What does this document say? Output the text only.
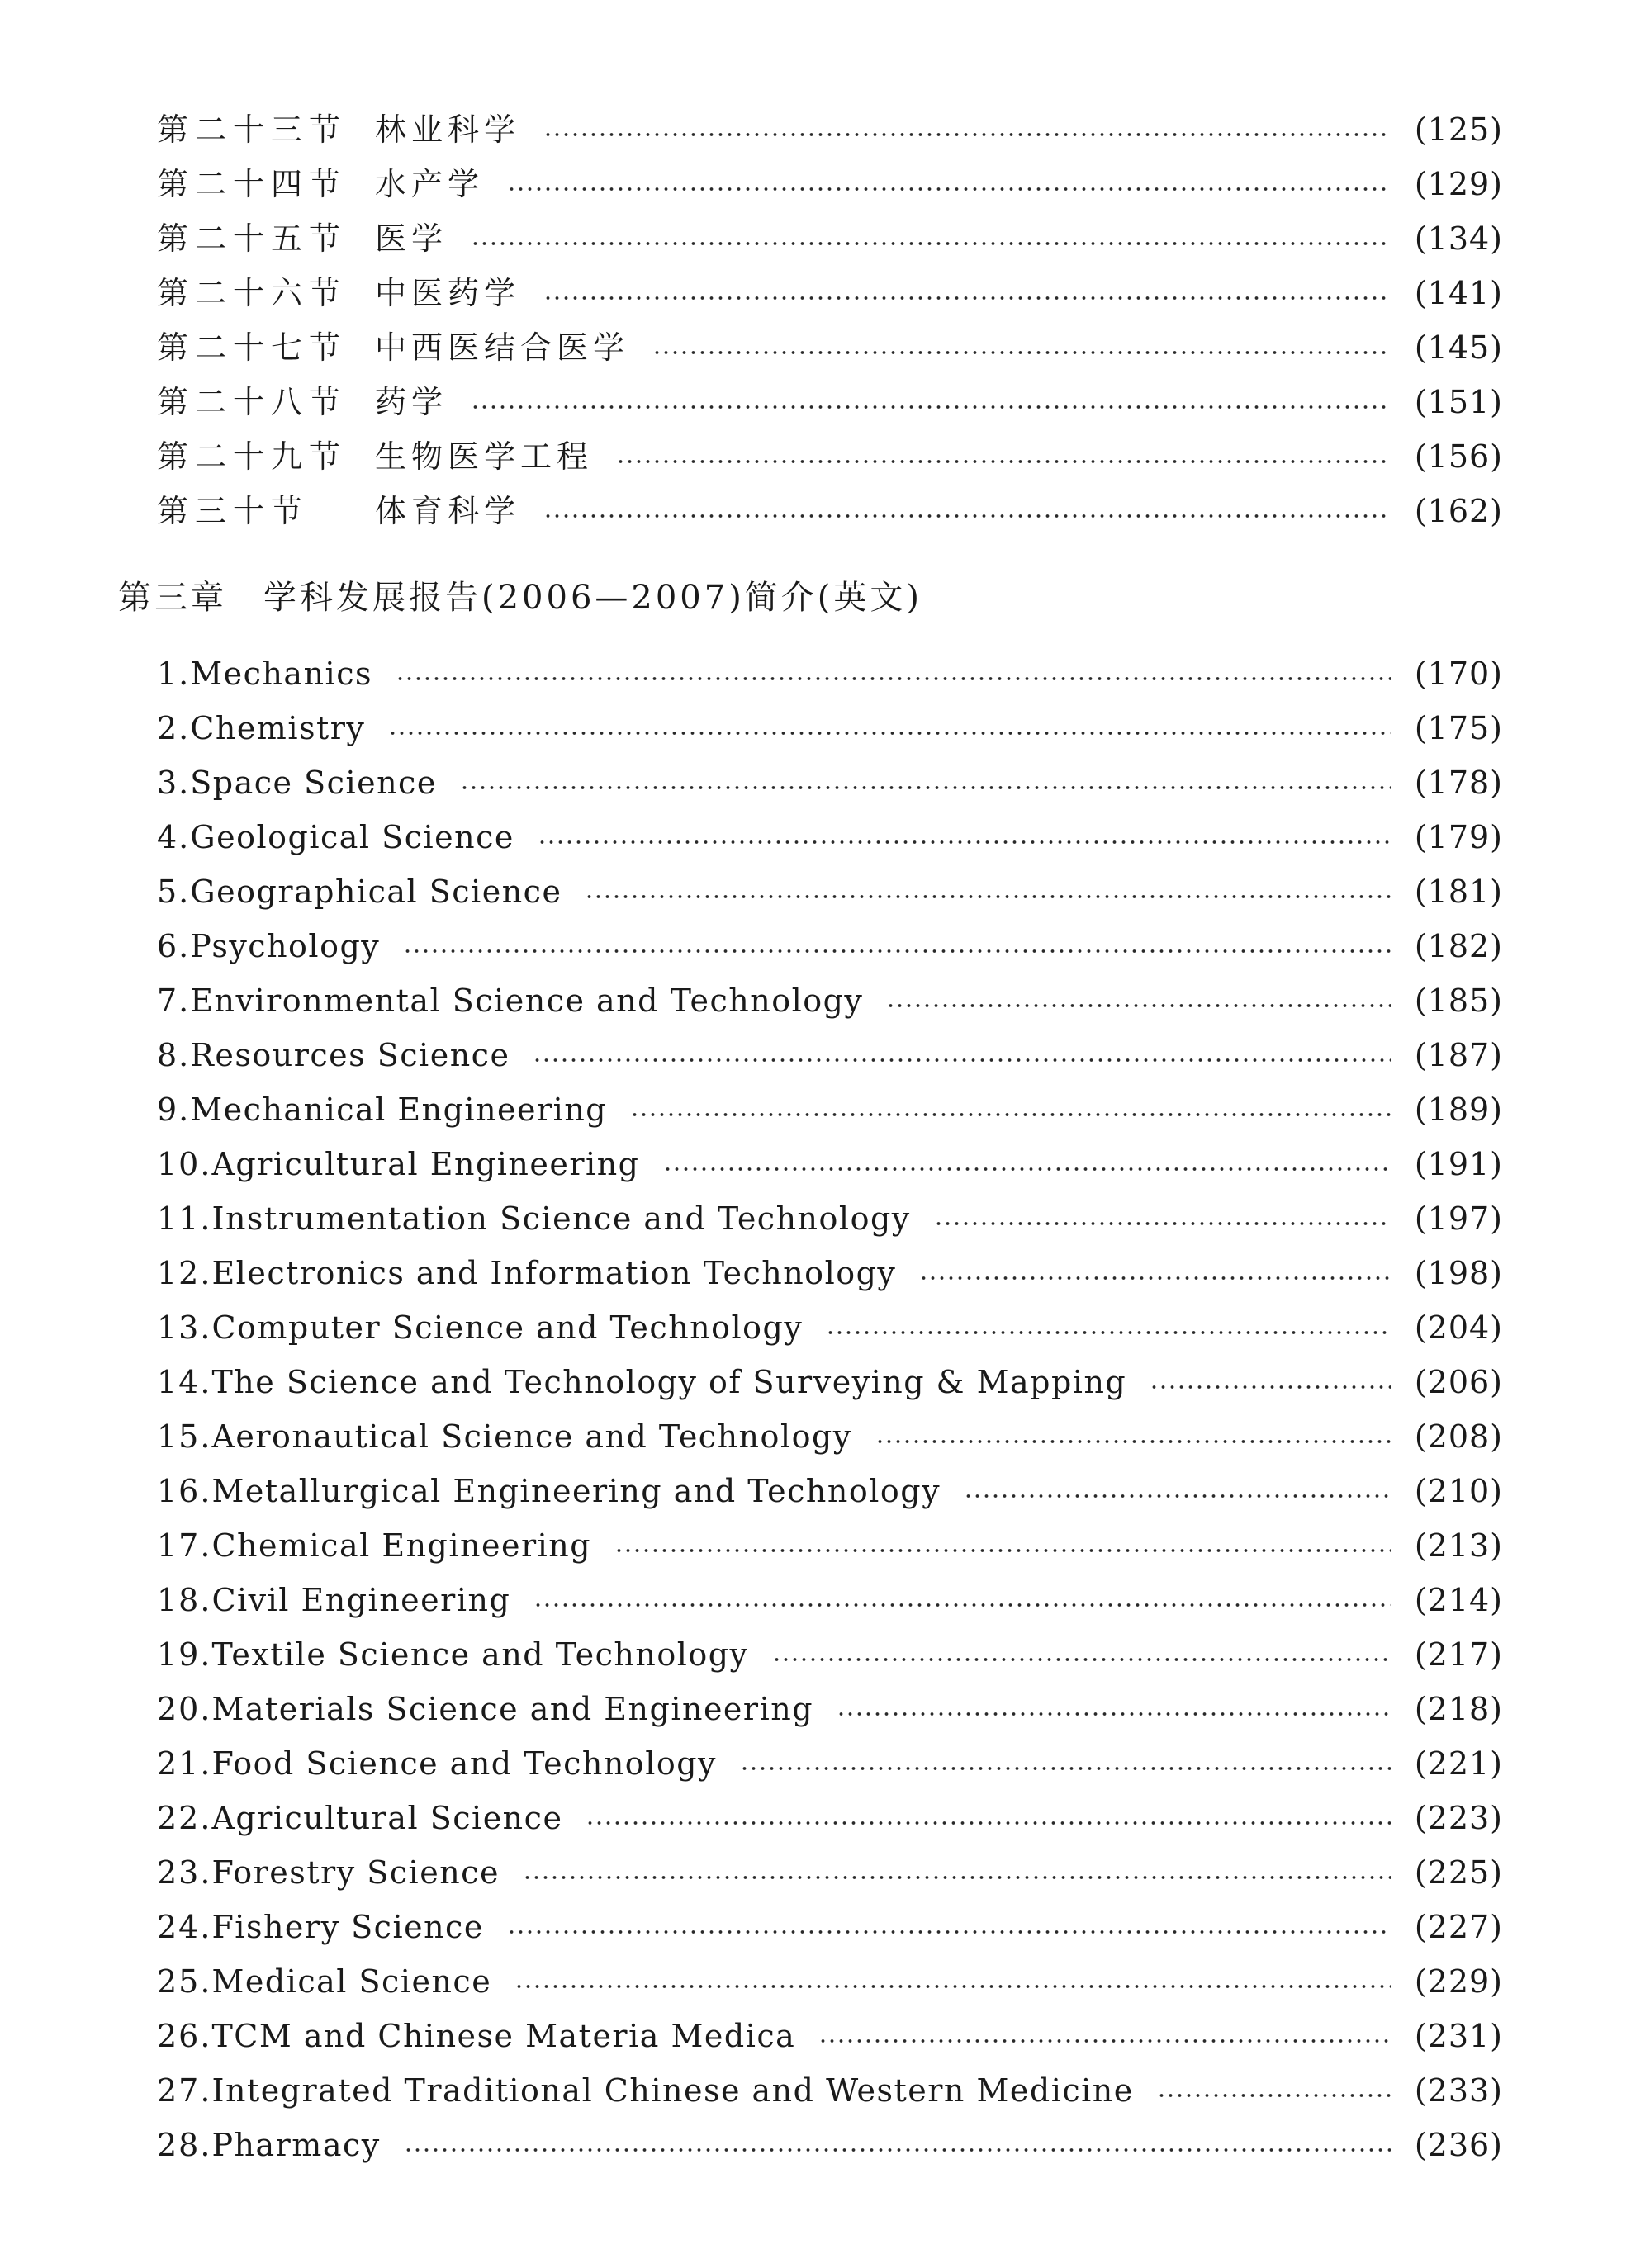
第二十三节 林业科学	(125)
第二十四节 水产学	(129)
第二十五节 医学	(134)
第二十六节 中医药学	(141)
第二十七节 中西医结合医学	(145)
第二十八节 药学	(151)
第二十九节 生物医学工程	(156)
第三十节	体育科学	(162)
第三章　学科发展报告(2006—2007)简介(英文)
1. Mechanics	(170)
2. Chemistry	(175)
3. Space Science	(178)
4. Geological Science	(179)
5. Geographical Science	(181)
6. Psychology	(182)
7. Environmental Science and Technology	(185)
8. Resources Science	(187)
9. Mechanical Engineering	(189)
10. Agricultural Engineering	(191)
11. Instrumentation Science and Technology	(197)
12. Electronics and Information Technology	(198)
13. Computer Science and Technology	(204)
14. The Science and Technology of Surveying & Mapping	(206)
15. Aeronautical Science and Technology	(208)
16. Metallurgical Engineering and Technology	(210)
17. Chemical Engineering	(213)
18. Civil Engineering	(214)
19. Textile Science and Technology	(217)
20. Materials Science and Engineering	(218)
21. Food Science and Technology	(221)
22. Agricultural Science	(223)
23. Forestry Science	(225)
24. Fishery Science	(227)
25. Medical Science	(229)
26. TCM and Chinese Materia Medica	(231)
27. Integrated Traditional Chinese and Western Medicine	(233)
28. Pharmacy	(236)
